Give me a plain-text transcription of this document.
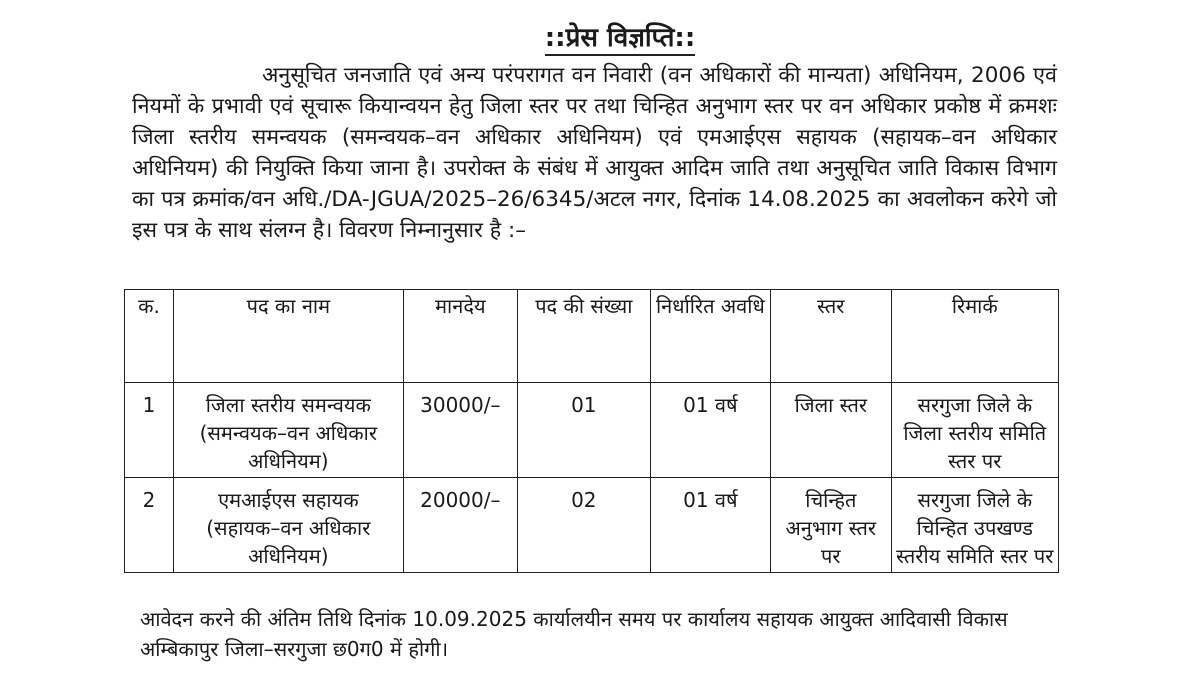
::प्रेस विज्ञप्ति::

अनुसूचित जनजाति एवं अन्य परंपरागत वन निवारी (वन अधिकारों की मान्यता) अधिनियम, 2006 एवं नियमों के प्रभावी एवं सूचारू कियान्वयन हेतु जिला स्तर पर तथा चिन्हित अनुभाग स्तर पर वन अधिकार प्रकोष्ठ में क्रमशः जिला स्तरीय समन्वयक (समन्वयक–वन अधिकार अधिनियम) एवं एमआईएस सहायक (सहायक–वन अधिकार अधिनियम) की नियुक्ति किया जाना है। उपरोक्त के संबंध में आयुक्त आदिम जाति तथा अनुसूचित जाति विकास विभाग का पत्र क्रमांक/वन अधि./DA-JGUA/2025–26/6345/अटल नगर, दिनांक 14.08.2025 का अवलोकन करेगे जो इस पत्र के साथ संलग्न है। विवरण निम्नानुसार है :–

क.	पद का नाम	मानदेय	पद की संख्या	निर्धारित अवधि	स्तर	रिमार्क
1	जिला स्तरीय समन्वयक (समन्वयक–वन अधिकार अधिनियम)	30000/–	01	01 वर्ष	जिला स्तर	सरगुजा जिले के जिला स्तरीय समिति स्तर पर
2	एमआईएस सहायक (सहायक–वन अधिकार अधिनियम)	20000/–	02	01 वर्ष	चिन्हित अनुभाग स्तर पर	सरगुजा जिले के चिन्हित उपखण्ड स्तरीय समिति स्तर पर

आवेदन करने की अंतिम तिथि दिनांक 10.09.2025 कार्यालयीन समय पर कार्यालय सहायक आयुक्त आदिवासी विकास अम्बिकापुर जिला–सरगुजा छ0ग0 में होगी।
